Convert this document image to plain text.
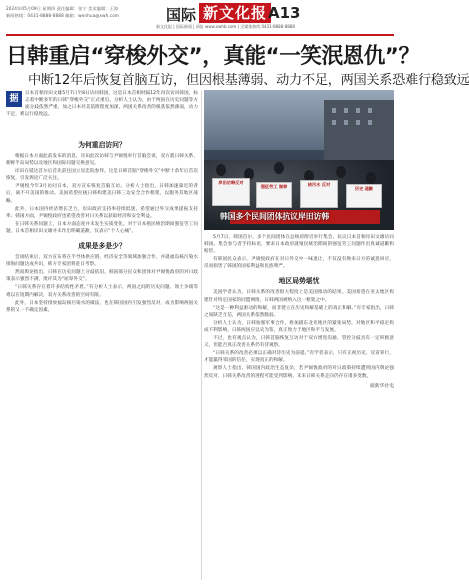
2024年05月09日 星期四 责任编辑：张宁 美术编辑：王海
新闻热线：0431-8888-8888 邮箱：wenhua@xwh.com	国际 新文化报 A13
新文化报 | 国际新闻 | 网址 www.xwhb.com | 全媒体热线 0431-8888-8888
日韩重启“穿梭外交”，真能“一笑泯恩仇”？
中断12年后恢复首脑互访，但因根基薄弱、动力不足，两国关系恐难行稳致远
据

日本首相岸田文雄5月7日至8日访问韩国，这是日本首相时隔12年再次访问韩国，标志着中断多年的日韩“穿梭外交”正式重启。分析人士认为，由于两国在历史问题等方面分歧依然严重，加之日本对美依附程度加深，两国关系改善的根基依然薄弱，动力不足，难以行稳致远。

为何重启访问？

根据日本方面此前发布的消息，岸田此次访韩与尹锡悦举行首脑会谈，双方就日韩关系、朝鲜半岛局势以及地区和国际问题交换意见。

岸田在抵达首尔后首先前往国立显忠院参拜。这是日韩首脑“穿梭外交”中断十余年后首次恢复，引发舆论广泛关注。

尹锡悦今年3月访问日本，双方宣布恢复首脑互访。分析人士指出，日韩加速靠近的背后，离不开美国的推动。美国希望拉拢日韩构建美日韩三边安全合作框架，以服务其地区战略。

此外，日本国内经济增长乏力，岸田政府支持率持续低迷，希望通过外交成果提振支持率；韩国方面，尹锡悦政府也希望改善对日关系以获取经济和安全利益。

在日韩关系问题上，日本方面态度并未发生实质变化。对于日本殖民统治期间强征劳工问题，日本首相岸田文雄并未作出明确道歉，仅表示“个人心痛”。

成果是多是少？

会谈结束后，双方宣布将在半导体供应链、经济安全等领域加强合作，并就福岛核污染水排海问题达成共识，韩方专家团将赴日考察。

然而舆论指出，日韩在历史问题上分歧依旧。韩国部分民众和团体对尹锡悦政府的对日政策表示强烈不满，批评其为“屈辱外交”。

“日韩关系存在着许多结构性矛盾。”有分析人士表示，两国之间的历史问题、领土争端等难以在短期内解决，双方关系改善的空间有限。

此外，日本坚持排放福岛核污染水的做法，也在韩国国内引发强烈反对，成为影响两国关系的又一不确定因素。

岸田访韩反对
强征劳工 谢罪	核污水 反对
历史 道歉
韩国多个民间团体抗议岸田访韩

5月7日，韩国首尔，多个民间团体在总统府附近举行集会，抗议日本首相岸田文雄访问韩国。集会参与者手持标语，要求日本政府就殖民统治期间的强征劳工问题作出真诚道歉和赔偿。

有韩国民众表示，尹锡悦政府在对日外交中一味退让，不仅没有换来日方的诚意回应，反而损害了韩国的国家利益和民族尊严。

地区局势堪忧

美国学者认为，日韩关系的改善很大程度上是美国推动的结果。美国希望在亚太地区构建针对特定国家的同盟网络，日韩两国被纳入这一框架之中。

“这是一种利益驱动的和解，而非建立在历史和解基础上的真正和解。”有专家指出，日韩之间缺乏互信，两国关系依然脆弱。

分析人士认为，日韩加强军事合作，将加剧东北亚地区的紧张局势，对地区和平稳定构成不利影响。日韩两国应以史为鉴，真正致力于地区和平与发展。

不过，也有观点认为，日韩首脑恢复互访对于双方增进沟通、管控分歧具有一定积极意义，但能否真正改善关系仍有待观察。

“日韩关系的改善必须以正确对待历史为前提。”有学者表示，只有正视历史、反省罪行，才能赢得邻国的信任，实现真正的和解。

观察人士指出，韩国国内政治生态复杂，若尹锡悦政府的对日政策持续遭到国内舆论强烈反对，日韩关系改善的进程可能受到影响。未来日韩关系走向仍存在诸多变数。

据新华社电
